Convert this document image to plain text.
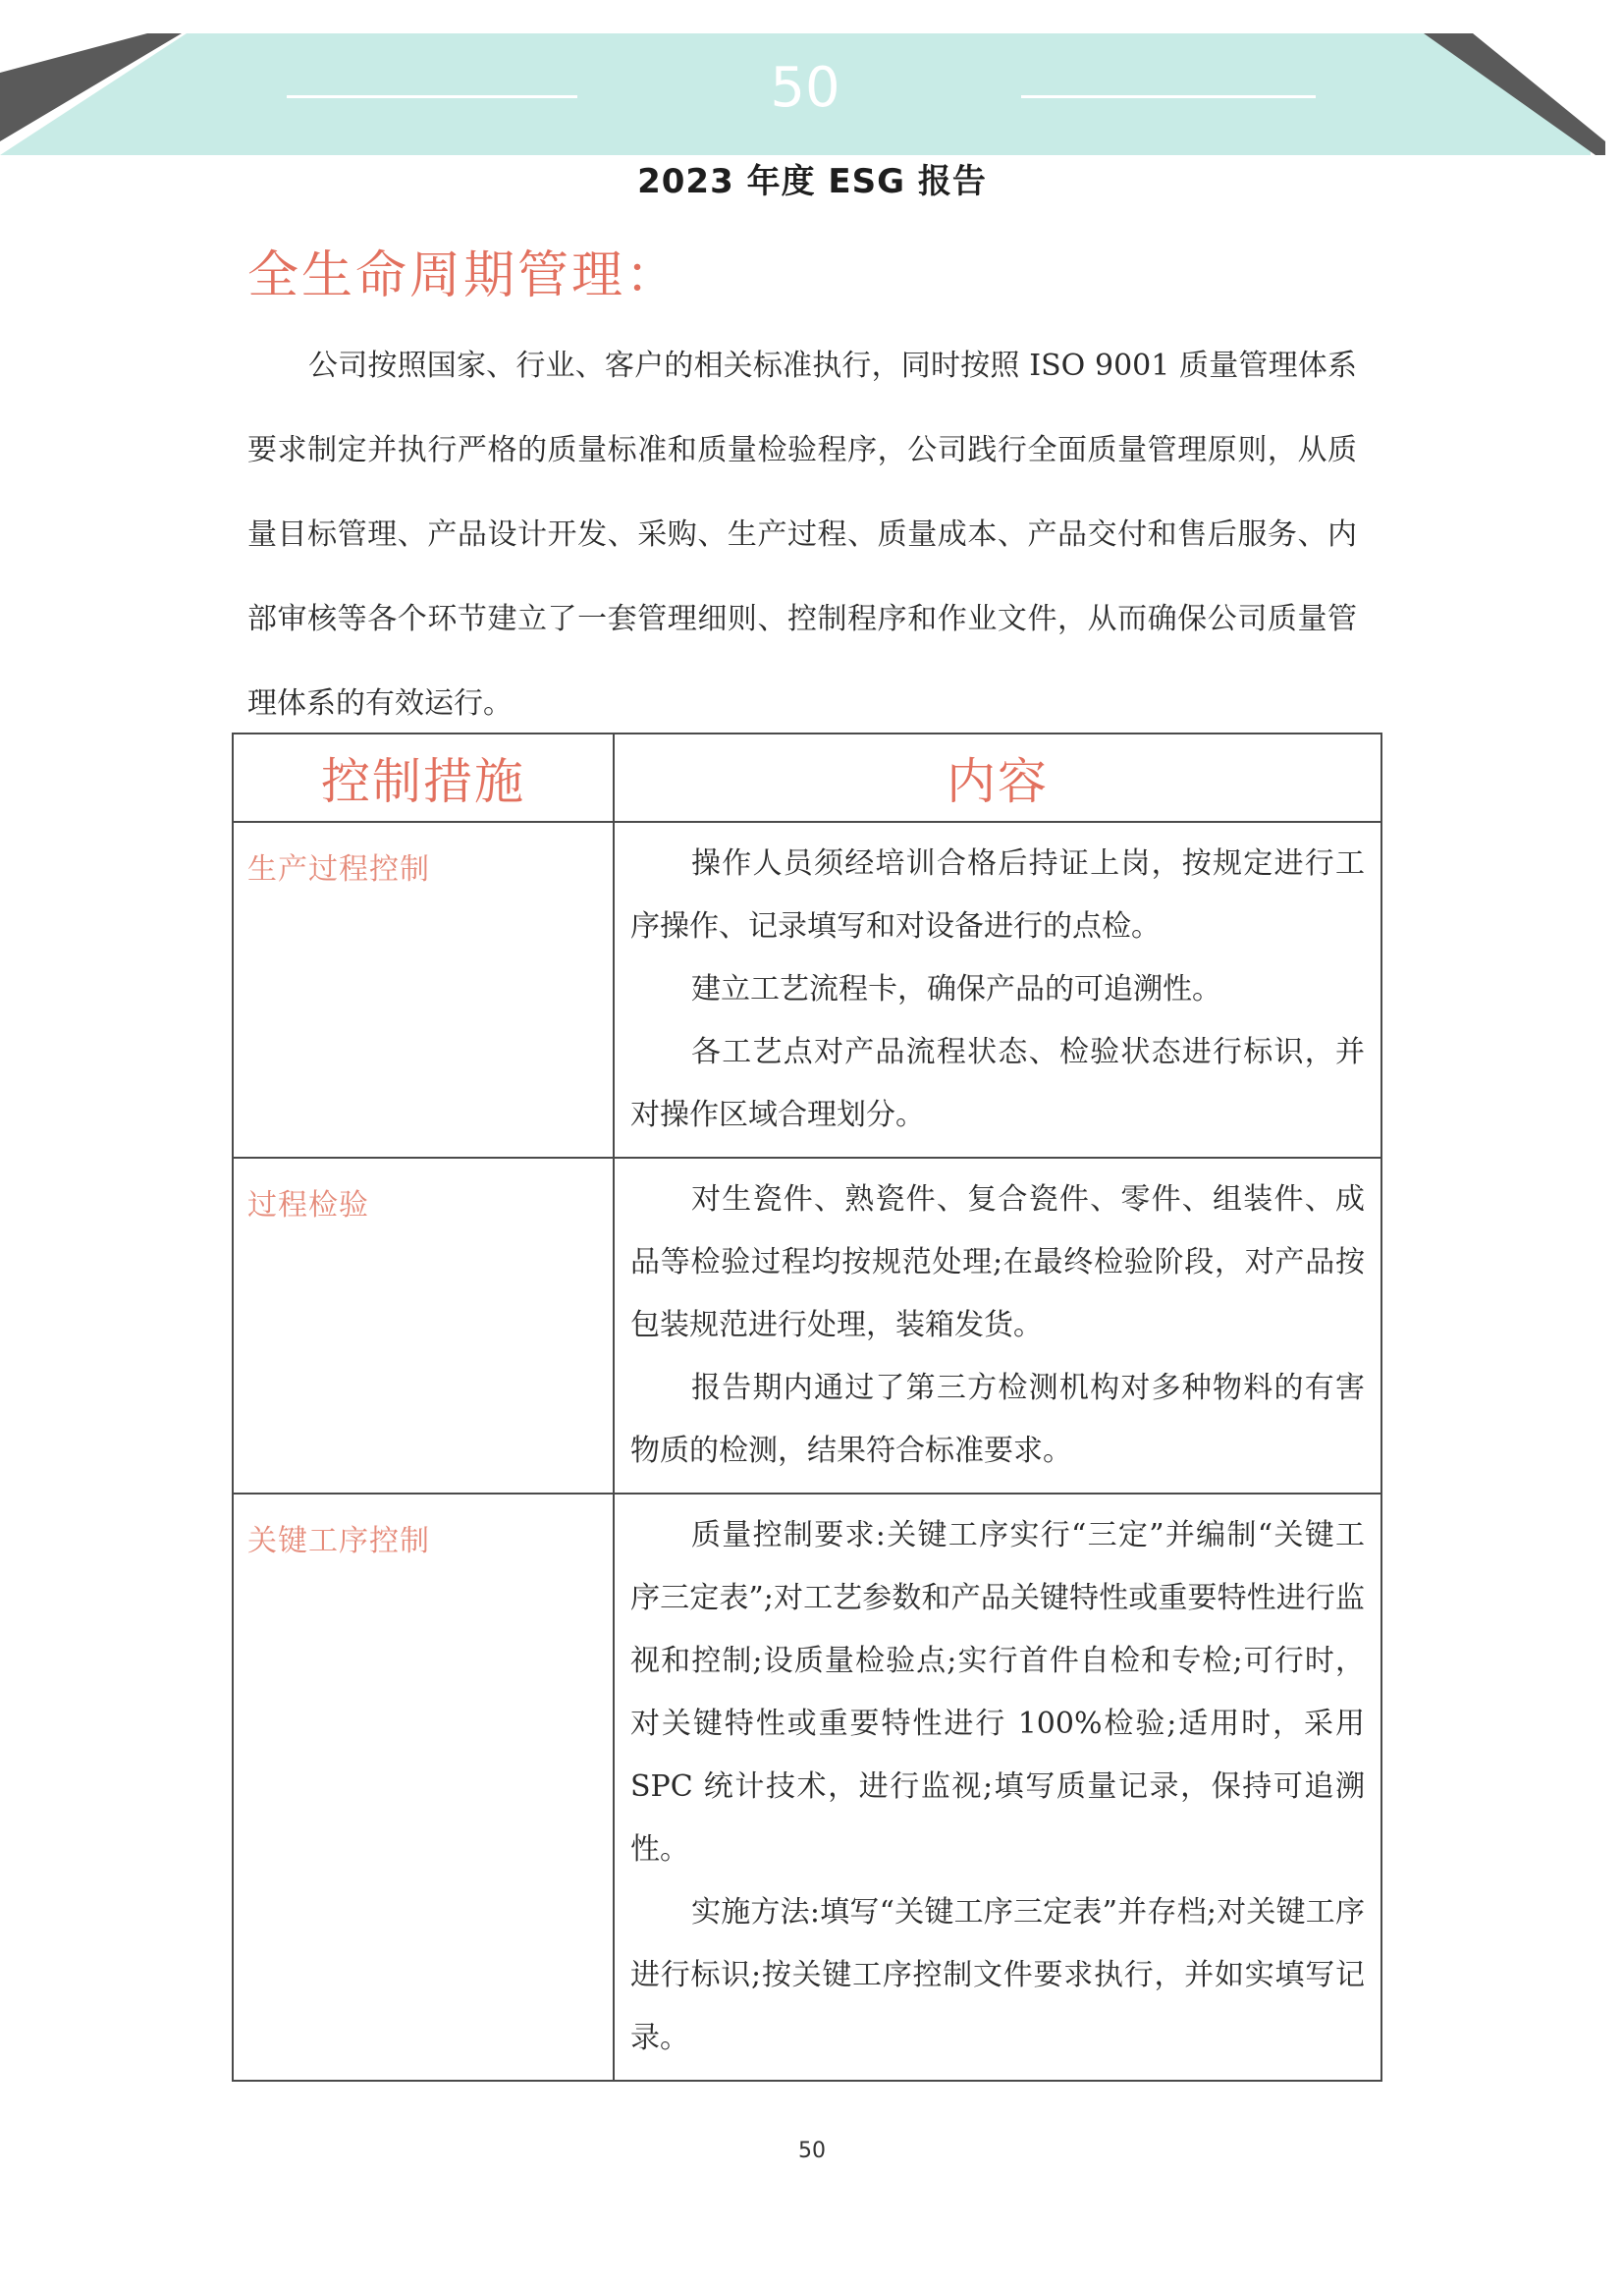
50
2023 年度 ESG 报告
全生命周期管理：
公司按照国家、行业、客户的相关标准执行，同时按照 ISO 9001 质量管理体系要求制定并执行严格的质量标准和质量检验程序，公司践行全面质量管理原则，从质量目标管理、产品设计开发、采购、生产过程、质量成本、产品交付和售后服务、内部审核等各个环节建立了一套管理细则、控制程序和作业文件，从而确保公司质量管理体系的有效运行。
控制措施	内容
生产过程控制	操作人员须经培训合格后持证上岗，按规定进行工序操作、记录填写和对设备进行的点检。

建立工艺流程卡，确保产品的可追溯性。

各工艺点对产品流程状态、检验状态进行标识，并对操作区域合理划分。

过程检验	对生瓷件、熟瓷件、复合瓷件、零件、组装件、成品等检验过程均按规范处理;在最终检验阶段，对产品按包装规范进行处理，装箱发货。

报告期内通过了第三方检测机构对多种物料的有害物质的检测，结果符合标准要求。

关键工序控制	质量控制要求:关键工序实行“三定”并编制“关键工序三定表”;对工艺参数和产品关键特性或重要特性进行监视和控制;设质量检验点;实行首件自检和专检;可行时，对关键特性或重要特性进行 100%检验;适用时，采用 SPC 统计技术，进行监视;填写质量记录，保持可追溯性。

实施方法:填写“关键工序三定表”并存档;对关键工序进行标识;按关键工序控制文件要求执行，并如实填写记录。

50
